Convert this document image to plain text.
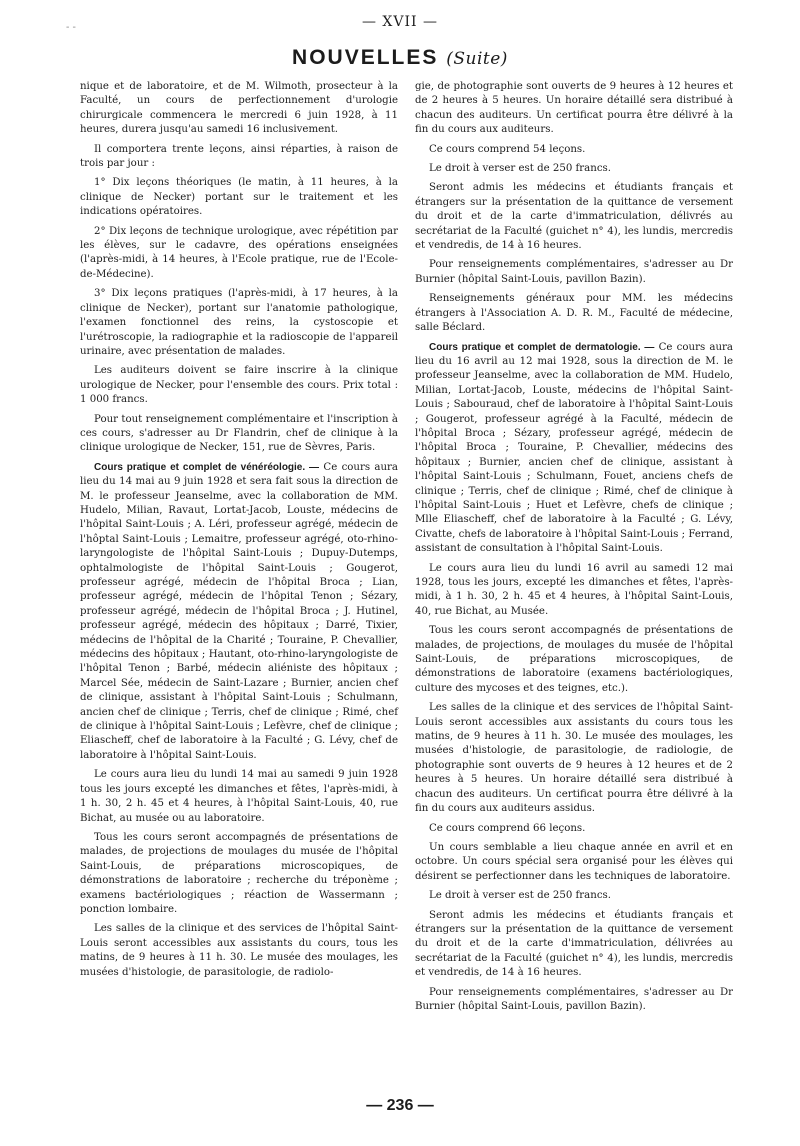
- -	— XVII —
NOUVELLES (Suite)

nique et de laboratoire, et de M. Wilmoth, prosecteur à la Faculté, un cours de perfectionnement d'urologie chirurgicale commencera le mercredi 6 juin 1928, à 11 heures, durera jusqu'au samedi 16 inclusivement.

Il comportera trente leçons, ainsi réparties, à raison de trois par jour :

1° Dix leçons théoriques (le matin, à 11 heures, à la clinique de Necker) portant sur le traitement et les indications opératoires.

2° Dix leçons de technique urologique, avec répétition par les élèves, sur le cadavre, des opérations enseignées (l'après-midi, à 14 heures, à l'Ecole pratique, rue de l'Ecole-de-Médecine).

3° Dix leçons pratiques (l'après-midi, à 17 heures, à la clinique de Necker), portant sur l'anatomie pathologique, l'examen fonctionnel des reins, la cystoscopie et l'urétroscopie, la radiographie et la radioscopie de l'appareil urinaire, avec présentation de malades.

Les auditeurs doivent se faire inscrire à la clinique urologique de Necker, pour l'ensemble des cours. Prix total : 1 000 francs.

Pour tout renseignement complémentaire et l'inscription à ces cours, s'adresser au Dr Flandrin, chef de clinique à la clinique urologique de Necker, 151, rue de Sèvres, Paris.

Cours pratique et complet de vénéréologie. — Ce cours aura lieu du 14 mai au 9 juin 1928 et sera fait sous la direction de M. le professeur Jeanselme, avec la collaboration de MM. Hudelo, Milian, Ravaut, Lortat-Jacob, Louste, médecins de l'hôpital Saint-Louis ; A. Léri, professeur agrégé, médecin de l'hôptal Saint-Louis ; Lemaitre, professeur agrégé, oto-rhino-laryngologiste de l'hôpital Saint-Louis ; Dupuy-Dutemps, ophtalmologiste de l'hôpital Saint-Louis ; Gougerot, professeur agrégé, médecin de l'hôpital Broca ; Lian, professeur agrégé, médecin de l'hôpital Tenon ; Sézary, professeur agrégé, médecin de l'hôpital Broca ; J. Hutinel, professeur agrégé, médecin des hôpitaux ; Darré, Tixier, médecins de l'hôpital de la Charité ; Touraine, P. Chevallier, médecins des hôpitaux ; Hautant, oto-rhino-laryngologiste de l'hôpital Tenon ; Barbé, médecin aliéniste des hôpitaux ; Marcel Sée, médecin de Saint-Lazare ; Burnier, ancien chef de clinique, assistant à l'hôpital Saint-Louis ; Schulmann, ancien chef de clinique ; Terris, chef de clinique ; Rimé, chef de clinique à l'hôpital Saint-Louis ; Lefèvre, chef de clinique ; Eliascheff, chef de laboratoire à la Faculté ; G. Lévy, chef de laboratoire à l'hôpital Saint-Louis.

Le cours aura lieu du lundi 14 mai au samedi 9 juin 1928 tous les jours excepté les dimanches et fêtes, l'après-midi, à 1 h. 30, 2 h. 45 et 4 heures, à l'hôpital Saint-Louis, 40, rue Bichat, au musée ou au laboratoire.

Tous les cours seront accompagnés de présentations de malades, de projections de moulages du musée de l'hôpital Saint-Louis, de préparations microscopiques, de démonstrations de laboratoire ; recherche du tréponème ; examens bactériologiques ; réaction de Wassermann ; ponction lombaire.

Les salles de la clinique et des services de l'hôpital Saint-Louis seront accessibles aux assistants du cours, tous les matins, de 9 heures à 11 h. 30. Le musée des moulages, les musées d'histologie, de parasitologie, de radiolo-

gie, de photographie sont ouverts de 9 heures à 12 heures et de 2 heures à 5 heures. Un horaire détaillé sera distribué à chacun des auditeurs. Un certificat pourra être délivré à la fin du cours aux auditeurs.

Ce cours comprend 54 leçons.

Le droit à verser est de 250 francs.

Seront admis les médecins et étudiants français et étrangers sur la présentation de la quittance de versement du droit et de la carte d'immatriculation, délivrés au secrétariat de la Faculté (guichet n° 4), les lundis, mercredis et vendredis, de 14 à 16 heures.

Pour renseignements complémentaires, s'adresser au Dr Burnier (hôpital Saint-Louis, pavillon Bazin).

Renseignements généraux pour MM. les médecins étrangers à l'Association A. D. R. M., Faculté de médecine, salle Béclard.

Cours pratique et complet de dermatologie. — Ce cours aura lieu du 16 avril au 12 mai 1928, sous la direction de M. le professeur Jeanselme, avec la collaboration de MM. Hudelo, Milian, Lortat-Jacob, Louste, médecins de l'hôpital Saint-Louis ; Sabouraud, chef de laboratoire à l'hôpital Saint-Louis ; Gougerot, professeur agrégé à la Faculté, médecin de l'hôpital Broca ; Sézary, professeur agrégé, médecin de l'hôpital Broca ; Touraine, P. Chevallier, médecins des hôpitaux ; Burnier, ancien chef de clinique, assistant à l'hôpital Saint-Louis ; Schulmann, Fouet, anciens chefs de clinique ; Terris, chef de clinique ; Rimé, chef de clinique à l'hôpital Saint-Louis ; Huet et Lefèvre, chefs de clinique ; Mlle Eliascheff, chef de laboratoire à la Faculté ; G. Lévy, Civatte, chefs de laboratoire à l'hôpital Saint-Louis ; Ferrand, assistant de consultation à l'hôpital Saint-Louis.

Le cours aura lieu du lundi 16 avril au samedi 12 mai 1928, tous les jours, excepté les dimanches et fêtes, l'après-midi, à 1 h. 30, 2 h. 45 et 4 heures, à l'hôpital Saint-Louis, 40, rue Bichat, au Musée.

Tous les cours seront accompagnés de présentations de malades, de projections, de moulages du musée de l'hôpital Saint-Louis, de préparations microscopiques, de démonstrations de laboratoire (examens bactériologiques, culture des mycoses et des teignes, etc.).

Les salles de la clinique et des services de l'hôpital Saint-Louis seront accessibles aux assistants du cours tous les matins, de 9 heures à 11 h. 30. Le musée des moulages, les musées d'histologie, de parasitologie, de radiologie, de photographie sont ouverts de 9 heures à 12 heures et de 2 heures à 5 heures. Un horaire détaillé sera distribué à chacun des auditeurs. Un certificat pourra être délivré à la fin du cours aux auditeurs assidus.

Ce cours comprend 66 leçons.

Un cours semblable a lieu chaque année en avril et en octobre. Un cours spécial sera organisé pour les élèves qui désirent se perfectionner dans les techniques de laboratoire.

Le droit à verser est de 250 francs.

Seront admis les médecins et étudiants français et étrangers sur la présentation de la quittance de versement du droit et de la carte d'immatriculation, délivrées au secrétariat de la Faculté (guichet n° 4), les lundis, mercredis et vendredis, de 14 à 16 heures.

Pour renseignements complémentaires, s'adresser au Dr Burnier (hôpital Saint-Louis, pavillon Bazin).

— 236 —
